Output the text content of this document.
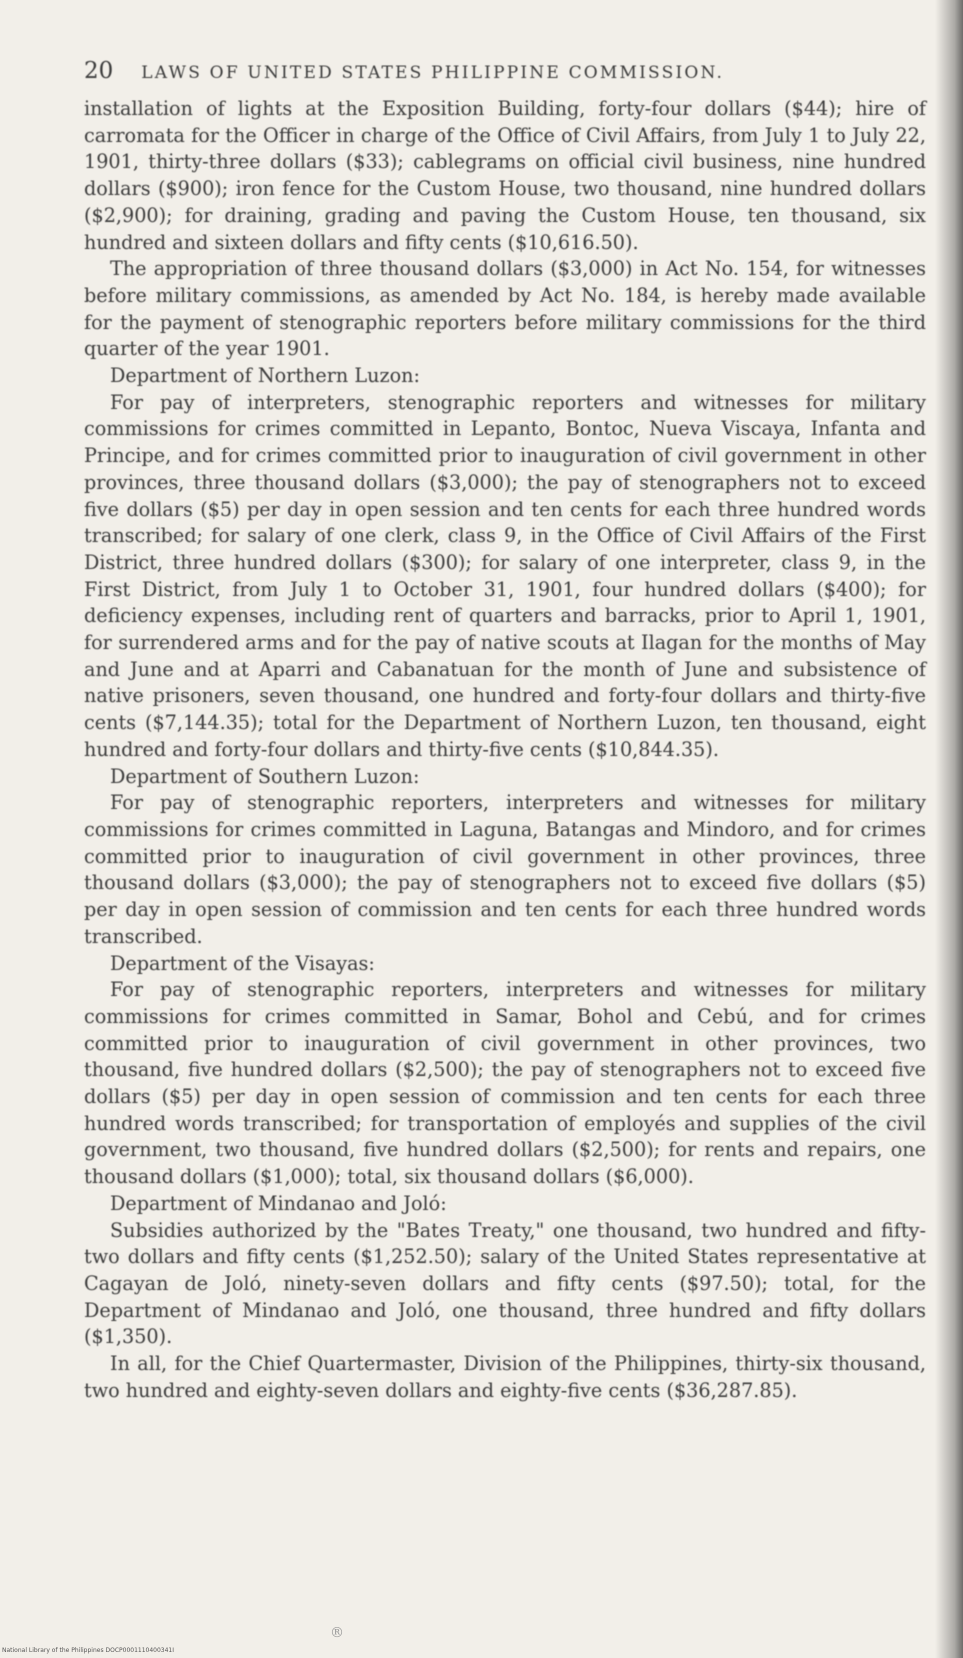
20 LAWS OF UNITED STATES PHILIPPINE COMMISSION.

installation of lights at the Exposition Building, forty-four dollars ($44); hire of carromata for the Officer in charge of the Office of Civil Affairs, from July 1 to July 22, 1901, thirty-three dollars ($33); cablegrams on official civil business, nine hundred dollars ($900); iron fence for the Custom House, two thousand, nine hundred dollars ($2,900); for draining, grading and paving the Custom House, ten thousand, six hundred and sixteen dollars and fifty cents ($10,616.50).

The appropriation of three thousand dollars ($3,000) in Act No. 154, for witnesses before military commissions, as amended by Act No. 184, is hereby made available for the payment of stenographic reporters before military commissions for the third quarter of the year 1901.

Department of Northern Luzon:

For pay of interpreters, stenographic reporters and witnesses for military commissions for crimes committed in Lepanto, Bontoc, Nueva Viscaya, Infanta and Principe, and for crimes committed prior to inauguration of civil government in other provinces, three thousand dollars ($3,000); the pay of stenographers not to exceed five dollars ($5) per day in open session and ten cents for each three hundred words transcribed; for salary of one clerk, class 9, in the Office of Civil Affairs of the First District, three hundred dollars ($300); for salary of one interpreter, class 9, in the First District, from July 1 to October 31, 1901, four hundred dollars ($400); for deficiency expenses, including rent of quarters and barracks, prior to April 1, 1901, for surrendered arms and for the pay of native scouts at Ilagan for the months of May and June and at Aparri and Cabanatuan for the month of June and subsistence of native prisoners, seven thousand, one hundred and forty-four dollars and thirty-five cents ($7,144.35); total for the Department of Northern Luzon, ten thousand, eight hundred and forty-four dollars and thirty-five cents ($10,844.35).

Department of Southern Luzon:

For pay of stenographic reporters, interpreters and witnesses for military commissions for crimes committed in Laguna, Batangas and Mindoro, and for crimes committed prior to inauguration of civil government in other provinces, three thousand dollars ($3,000); the pay of stenographers not to exceed five dollars ($5) per day in open session of commission and ten cents for each three hundred words transcribed.

Department of the Visayas:

For pay of stenographic reporters, interpreters and witnesses for military commissions for crimes committed in Samar, Bohol and Cebú, and for crimes committed prior to inauguration of civil government in other provinces, two thousand, five hundred dollars ($2,500); the pay of stenographers not to exceed five dollars ($5) per day in open session of commission and ten cents for each three hundred words transcribed; for transportation of employés and supplies of the civil government, two thousand, five hundred dollars ($2,500); for rents and repairs, one thousand dollars ($1,000); total, six thousand dollars ($6,000).

Department of Mindanao and Joló:

Subsidies authorized by the "Bates Treaty," one thousand, two hundred and fifty-two dollars and fifty cents ($1,252.50); salary of the United States representative at Cagayan de Joló, ninety-seven dollars and fifty cents ($97.50); total, for the Department of Mindanao and Joló, one thousand, three hundred and fifty dollars ($1,350).

In all, for the Chief Quartermaster, Division of the Philippines, thirty-six thousand, two hundred and eighty-seven dollars and eighty-five cents ($36,287.85).

®
National Library of the Philippines DOCP0001110400341I
